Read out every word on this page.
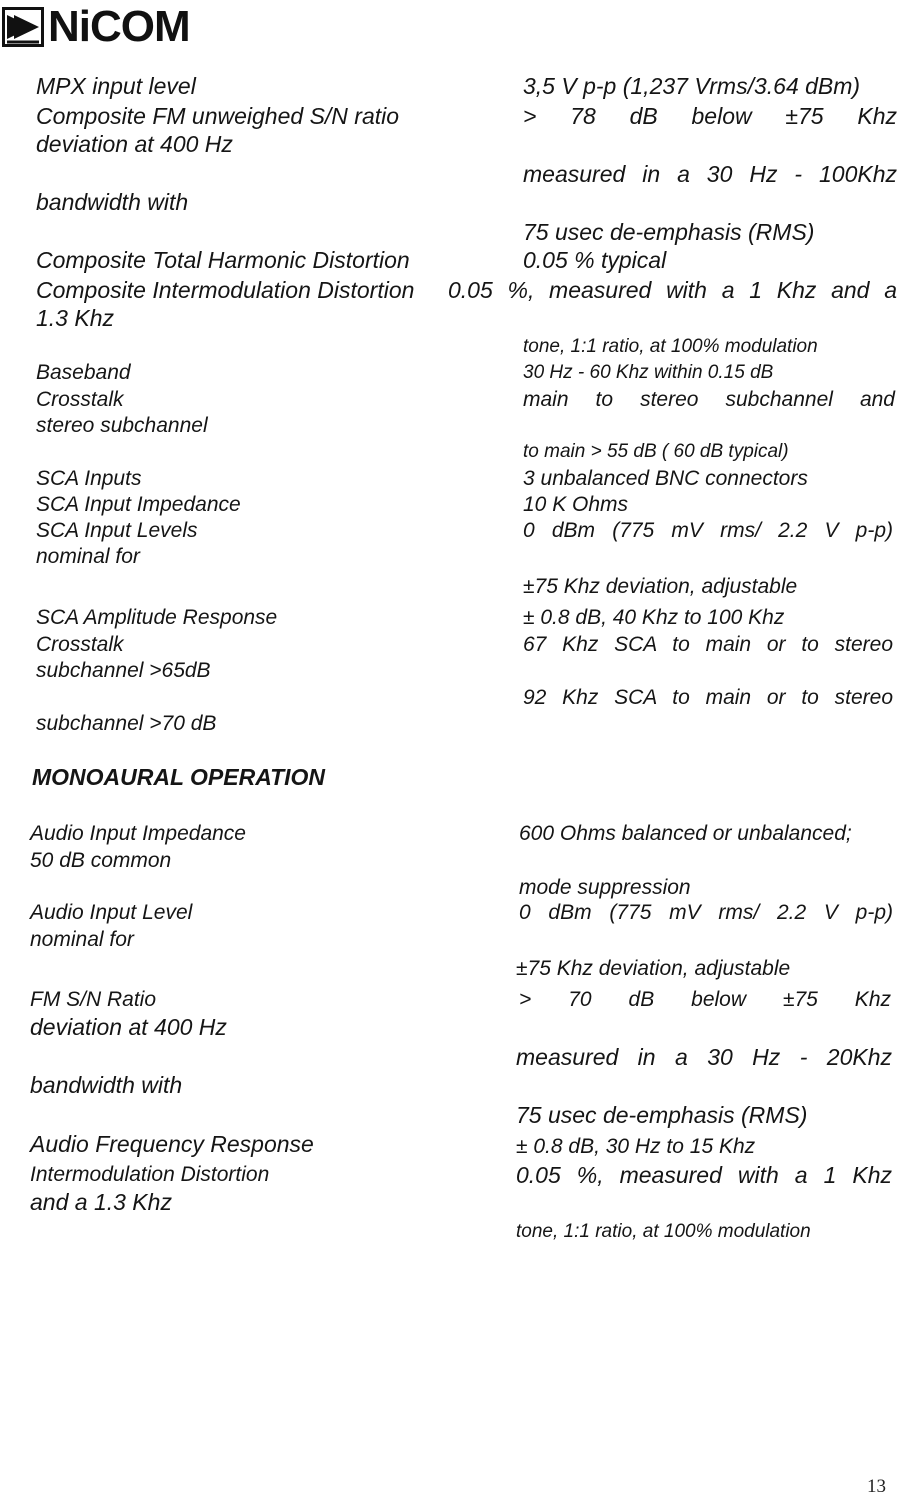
NiCOM
MPX input level
Composite FM unweighed S/N ratio
deviation at 400 Hz
bandwidth with
Composite Total Harmonic Distortion
Composite Intermodulation Distortion
1.3 Khz
Baseband
Crosstalk
stereo subchannel
SCA Inputs
SCA Input Impedance
SCA Input Levels
nominal for
SCA Amplitude Response
Crosstalk
subchannel >65dB
subchannel >70 dB
3,5 V p-p (1,237 Vrms/3.64 dBm)
> 78 dB below ±75 Khz
measured in a 30 Hz - 100Khz
75 usec de-emphasis (RMS)
0.05 % typical
0.05 %, measured with a 1 Khz and a
tone, 1:1 ratio, at 100% modulation
30 Hz - 60 Khz within 0.15 dB
main to stereo subchannel and
to main > 55 dB ( 60 dB typical)
3 unbalanced BNC connectors
10 K Ohms
0 dBm (775 mV rms/ 2.2 V p-p)
±75 Khz deviation, adjustable
± 0.8 dB, 40 Khz to 100 Khz
67 Khz SCA to main or to stereo
92 Khz SCA to main or to stereo
MONOAURAL OPERATION
Audio Input Impedance
50 dB common
Audio Input Level
nominal for
FM S/N Ratio
deviation at 400 Hz
bandwidth with
Audio Frequency Response
Intermodulation Distortion
and a 1.3 Khz
600 Ohms balanced or unbalanced;
mode suppression
0 dBm (775 mV rms/ 2.2 V p-p)
±75 Khz deviation, adjustable
> 70 dB below ±75 Khz
measured in a 30 Hz - 20Khz
75 usec de-emphasis (RMS)
± 0.8 dB, 30 Hz to 15 Khz
0.05 %, measured with a 1 Khz
tone, 1:1 ratio, at 100% modulation
13
